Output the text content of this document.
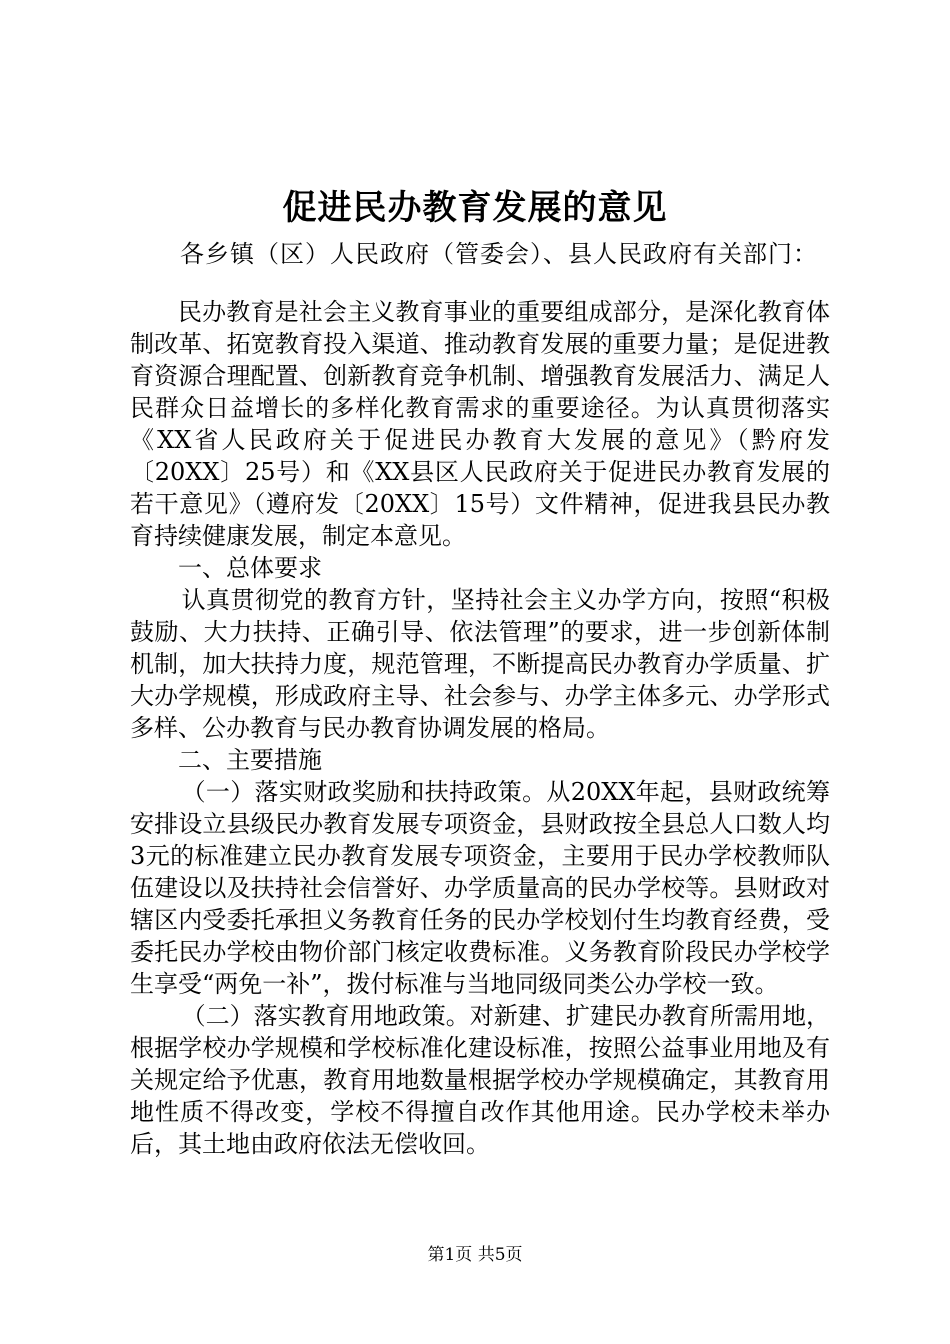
促进民办教育发展的意见
各乡镇（区）人民政府（管委会）、县人民政府有关部门：

民办教育是社会主义教育事业的重要组成部分，是深化教育体制改革、拓宽教育投入渠道、推动教育发展的重要力量；是促进教育资源合理配置、创新教育竞争机制、增强教育发展活力、满足人民群众日益增长的多样化教育需求的重要途径。为认真贯彻落实《XX省人民政府关于促进民办教育大发展的意见》（黔府发〔20XX〕25号）和《XX县区人民政府关于促进民办教育发展的若干意见》（遵府发〔20XX〕15号）文件精神，促进我县民办教育持续健康发展，制定本意见。

一、总体要求

认真贯彻党的教育方针，坚持社会主义办学方向，按照“积极鼓励、大力扶持、正确引导、依法管理”的要求，进一步创新体制机制，加大扶持力度，规范管理，不断提高民办教育办学质量、扩大办学规模，形成政府主导、社会参与、办学主体多元、办学形式多样、公办教育与民办教育协调发展的格局。

二、主要措施

（一）落实财政奖励和扶持政策。从20XX年起，县财政统筹安排设立县级民办教育发展专项资金，县财政按全县总人口数人均3元的标准建立民办教育发展专项资金，主要用于民办学校教师队伍建设以及扶持社会信誉好、办学质量高的民办学校等。县财政对辖区内受委托承担义务教育任务的民办学校划付生均教育经费，受委托民办学校由物价部门核定收费标准。义务教育阶段民办学校学生享受“两免一补”，拨付标准与当地同级同类公办学校一致。

（二）落实教育用地政策。对新建、扩建民办教育所需用地，根据学校办学规模和学校标准化建设标准，按照公益事业用地及有关规定给予优惠，教育用地数量根据学校办学规模确定，其教育用地性质不得改变，学校不得擅自改作其他用途。民办学校未举办后，其土地由政府依法无偿收回。

第1页 共5页
